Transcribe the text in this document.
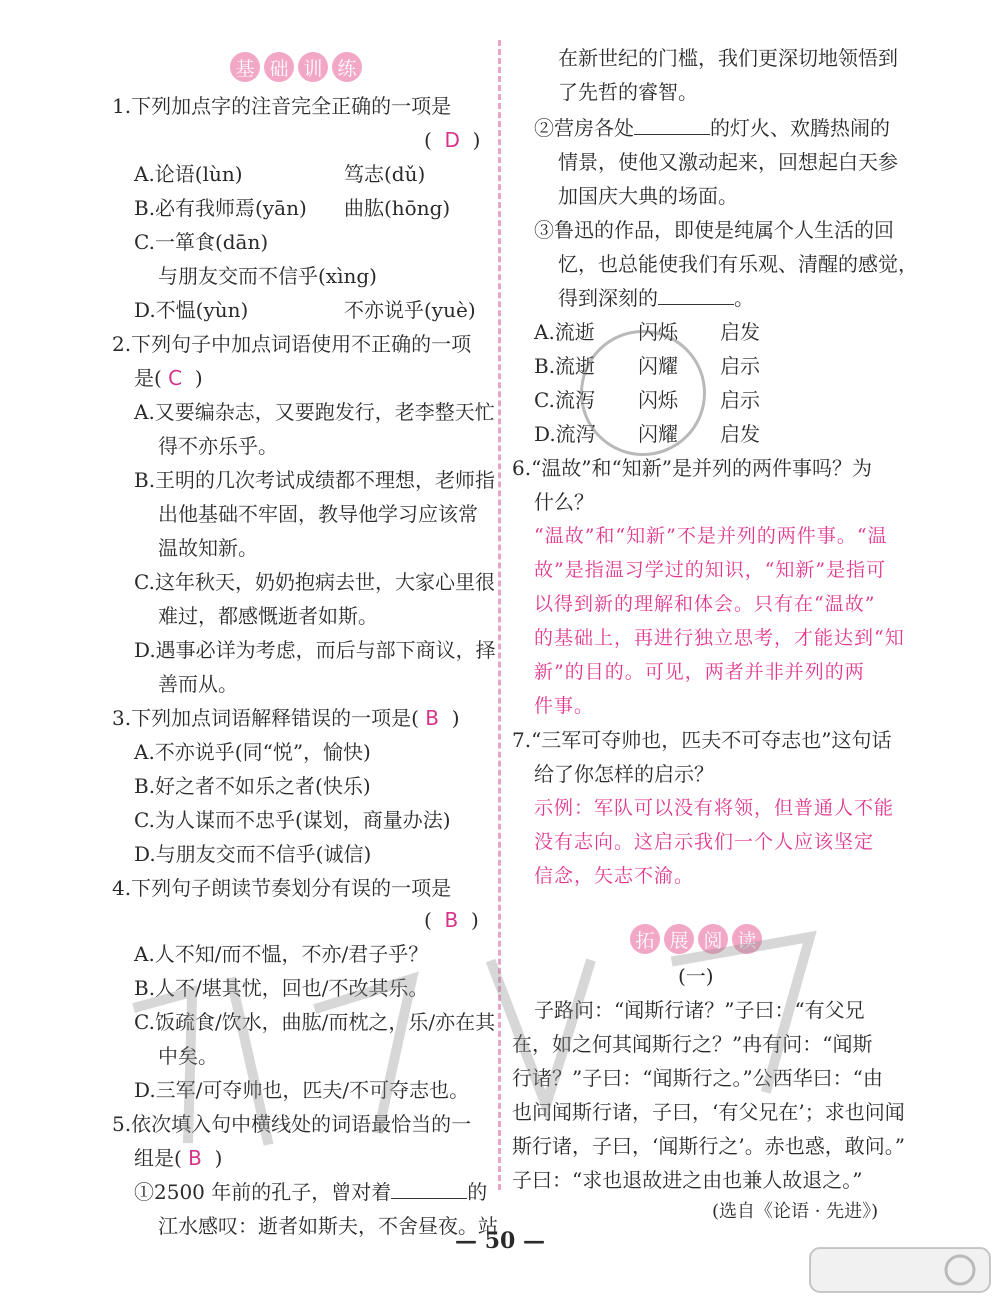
基 础 训 练
1.下列加点字的注音完全正确的一项是
(  D  )
A.论语(lùn)	笃志(dǔ)
B.必有我师焉(yān) 曲肱(hōng)
C.一箪食(dān)
与朋友交而不信乎(xìng)
D.不愠(yùn)	不亦说乎(yuè)
2.下列句子中加点词语使用不正确的一项
是( C  )
A.又要编杂志，又要跑发行，老李整天忙
得不亦乐乎。
B.王明的几次考试成绩都不理想，老师指
出他基础不牢固，教导他学习应该常
温故知新。
C.这年秋天，奶奶抱病去世，大家心里很
难过，都感慨逝者如斯。
D.遇事必详为考虑，而后与部下商议，择
善而从。
3.下列加点词语解释错误的一项是( B  )
A.不亦说乎(同“悦”，愉快)
B.好之者不如乐之者(快乐)
C.为人谋而不忠乎(谋划，商量办法)
D.与朋友交而不信乎(诚信)
4.下列句子朗读节奏划分有误的一项是
(  B  )
A.人不知/而不愠，不亦/君子乎？
B.人不/堪其忧，回也/不改其乐。
C.饭疏食/饮水，曲肱/而枕之，乐/亦在其
中矣。
D.三军/可夺帅也，匹夫/不可夺志也。
5.依次填入句中横线处的词语最恰当的一
组是( B  )
①2500 年前的孔子，曾对着	的
江水感叹：逝者如斯夫，不舍昼夜。站
在新世纪的门槛，我们更深切地领悟到
了先哲的睿智。
②营房各处	的灯火、欢腾热闹的
情景，使他又激动起来，回想起白天参
加国庆大典的场面。
③鲁迅的作品，即使是纯属个人生活的回
忆，也总能使我们有乐观、清醒的感觉，
得到深刻的	。
A.流逝 闪烁 启发
B.流逝 闪耀 启示
C.流泻 闪烁 启示
D.流泻 闪耀 启发
6.“温故”和“知新”是并列的两件事吗？为
什么？
“温故”和“知新”不是并列的两件事。“温
故”是指温习学过的知识，“知新”是指可
以得到新的理解和体会。只有在“温故”
的基础上，再进行独立思考，才能达到“知
新”的目的。可见，两者并非并列的两
件事。
7.“三军可夺帅也，匹夫不可夺志也”这句话
给了你怎样的启示？
示例：军队可以没有将领，但普通人不能
没有志向。这启示我们一个人应该坚定
信念，矢志不渝。
拓 展 阅 读
(一)
子路问：“闻斯行诸？”子曰：“有父兄
在，如之何其闻斯行之？”冉有问：“闻斯
行诸？”子曰：“闻斯行之。”公西华曰：“由
也问闻斯行诸，子曰，‘有父兄在’；求也问闻
斯行诸，子曰，‘闻斯行之’。赤也惑，敢问。”
子曰：“求也退故进之由也兼人故退之。”
(选自《论语 · 先进》)
— 50 —
